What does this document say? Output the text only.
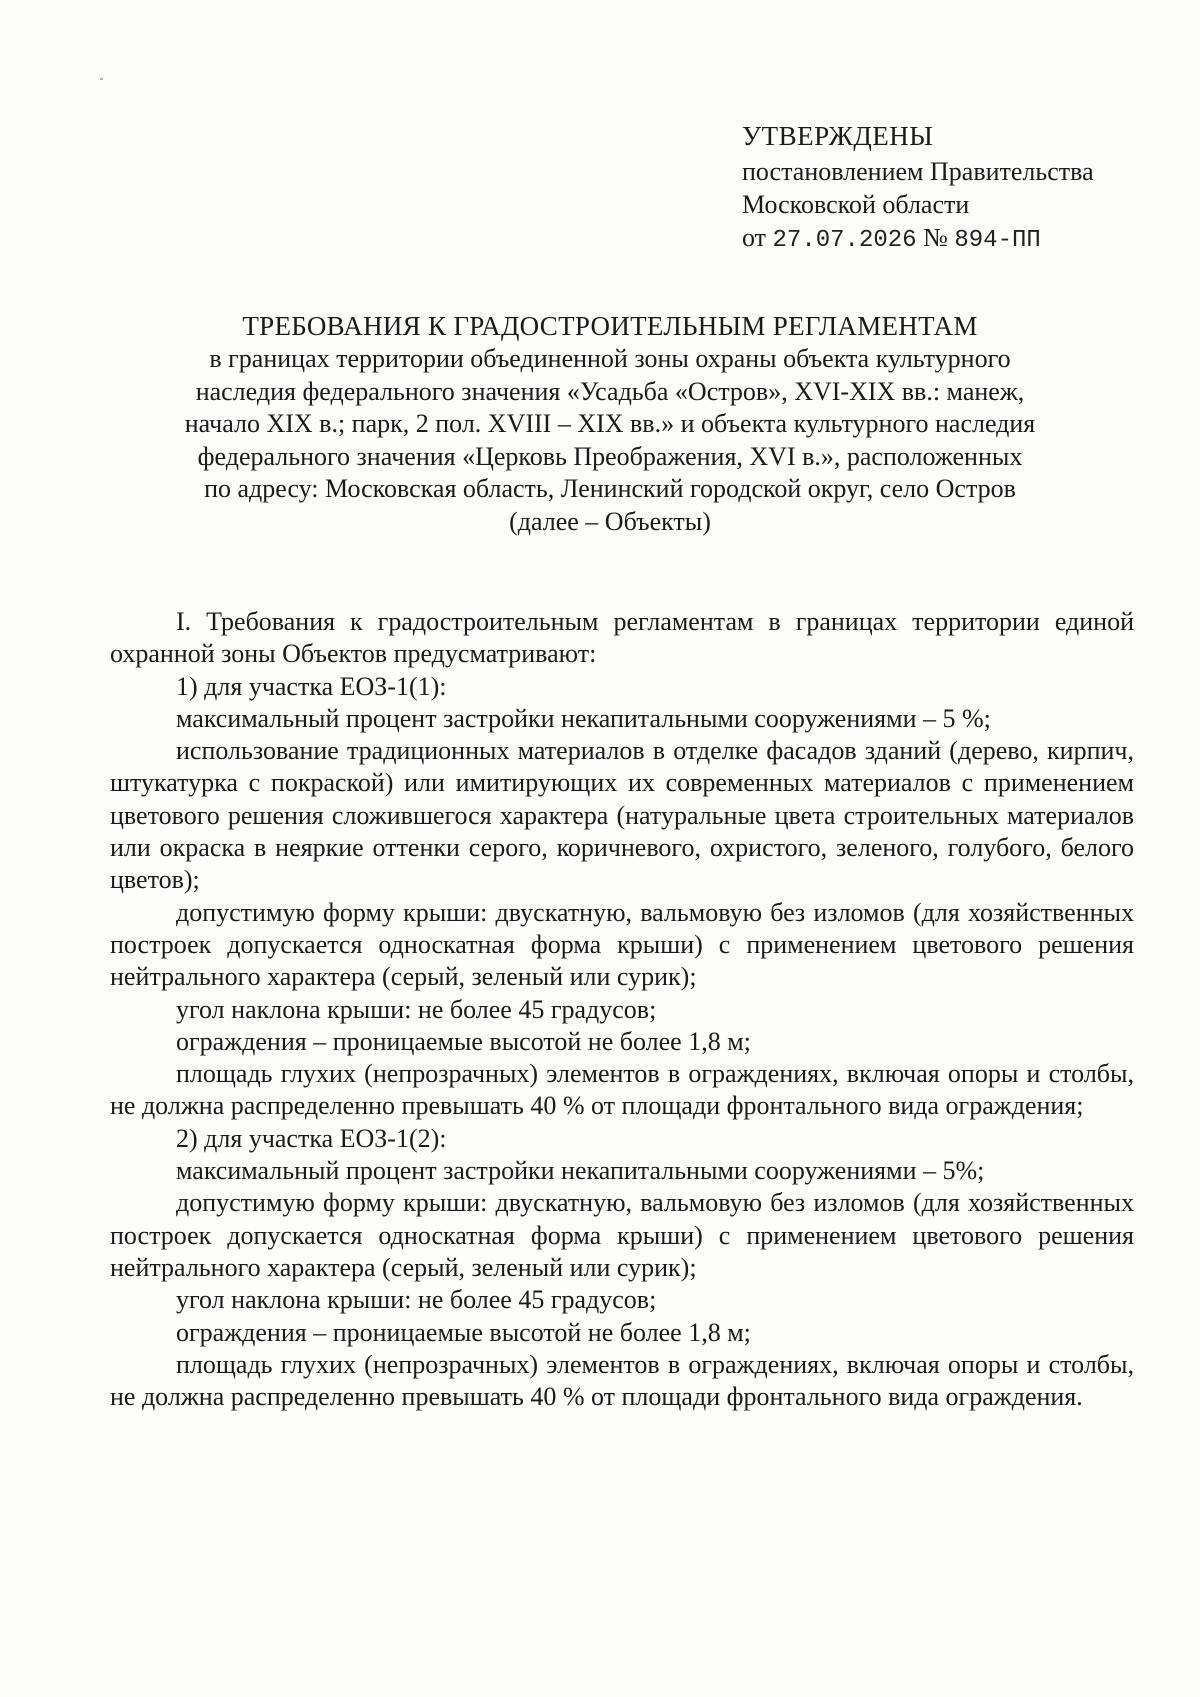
УТВЕРЖДЕНЫ
постановлением Правительства
Московской области
от 27.07.2026 № 894-ПП
ТРЕБОВАНИЯ К ГРАДОСТРОИТЕЛЬНЫМ РЕГЛАМЕНТАМ
в границах территории объединенной зоны охраны объекта культурного
наследия федерального значения «Усадьба «Остров», XVI-XIX вв.: манеж,
начало XIX в.; парк, 2 пол. XVIII – XIX вв.» и объекта культурного наследия
федерального значения «Церковь Преображения, XVI в.», расположенных
по адресу: Московская область, Ленинский городской округ, село Остров
(далее – Объекты)

I. Требования к градостроительным регламентам в границах территории единой охранной зоны Объектов предусматривают:

1) для участка ЕОЗ-1(1):

максимальный процент застройки некапитальными сооружениями – 5 %;

использование традиционных материалов в отделке фасадов зданий (дерево, кирпич, штукатурка с покраской) или имитирующих их современных материалов с применением цветового решения сложившегося характера (натуральные цвета строительных материалов или окраска в неяркие оттенки серого, коричневого, охристого, зеленого, голубого, белого цветов);

допустимую форму крыши: двускатную, вальмовую без изломов (для хозяйственных построек допускается односкатная форма крыши) с применением цветового решения нейтрального характера (серый, зеленый или сурик);

угол наклона крыши: не более 45 градусов;

ограждения – проницаемые высотой не более 1,8 м;

площадь глухих (непрозрачных) элементов в ограждениях, включая опоры и столбы, не должна распределенно превышать 40 % от площади фронтального вида ограждения;

2) для участка ЕОЗ-1(2):

максимальный процент застройки некапитальными сооружениями – 5%;

допустимую форму крыши: двускатную, вальмовую без изломов (для хозяйственных построек допускается односкатная форма крыши) с применением цветового решения нейтрального характера (серый, зеленый или сурик);

угол наклона крыши: не более 45 градусов;

ограждения – проницаемые высотой не более 1,8 м;

площадь глухих (непрозрачных) элементов в ограждениях, включая опоры и столбы, не должна распределенно превышать 40 % от площади фронтального вида ограждения.
